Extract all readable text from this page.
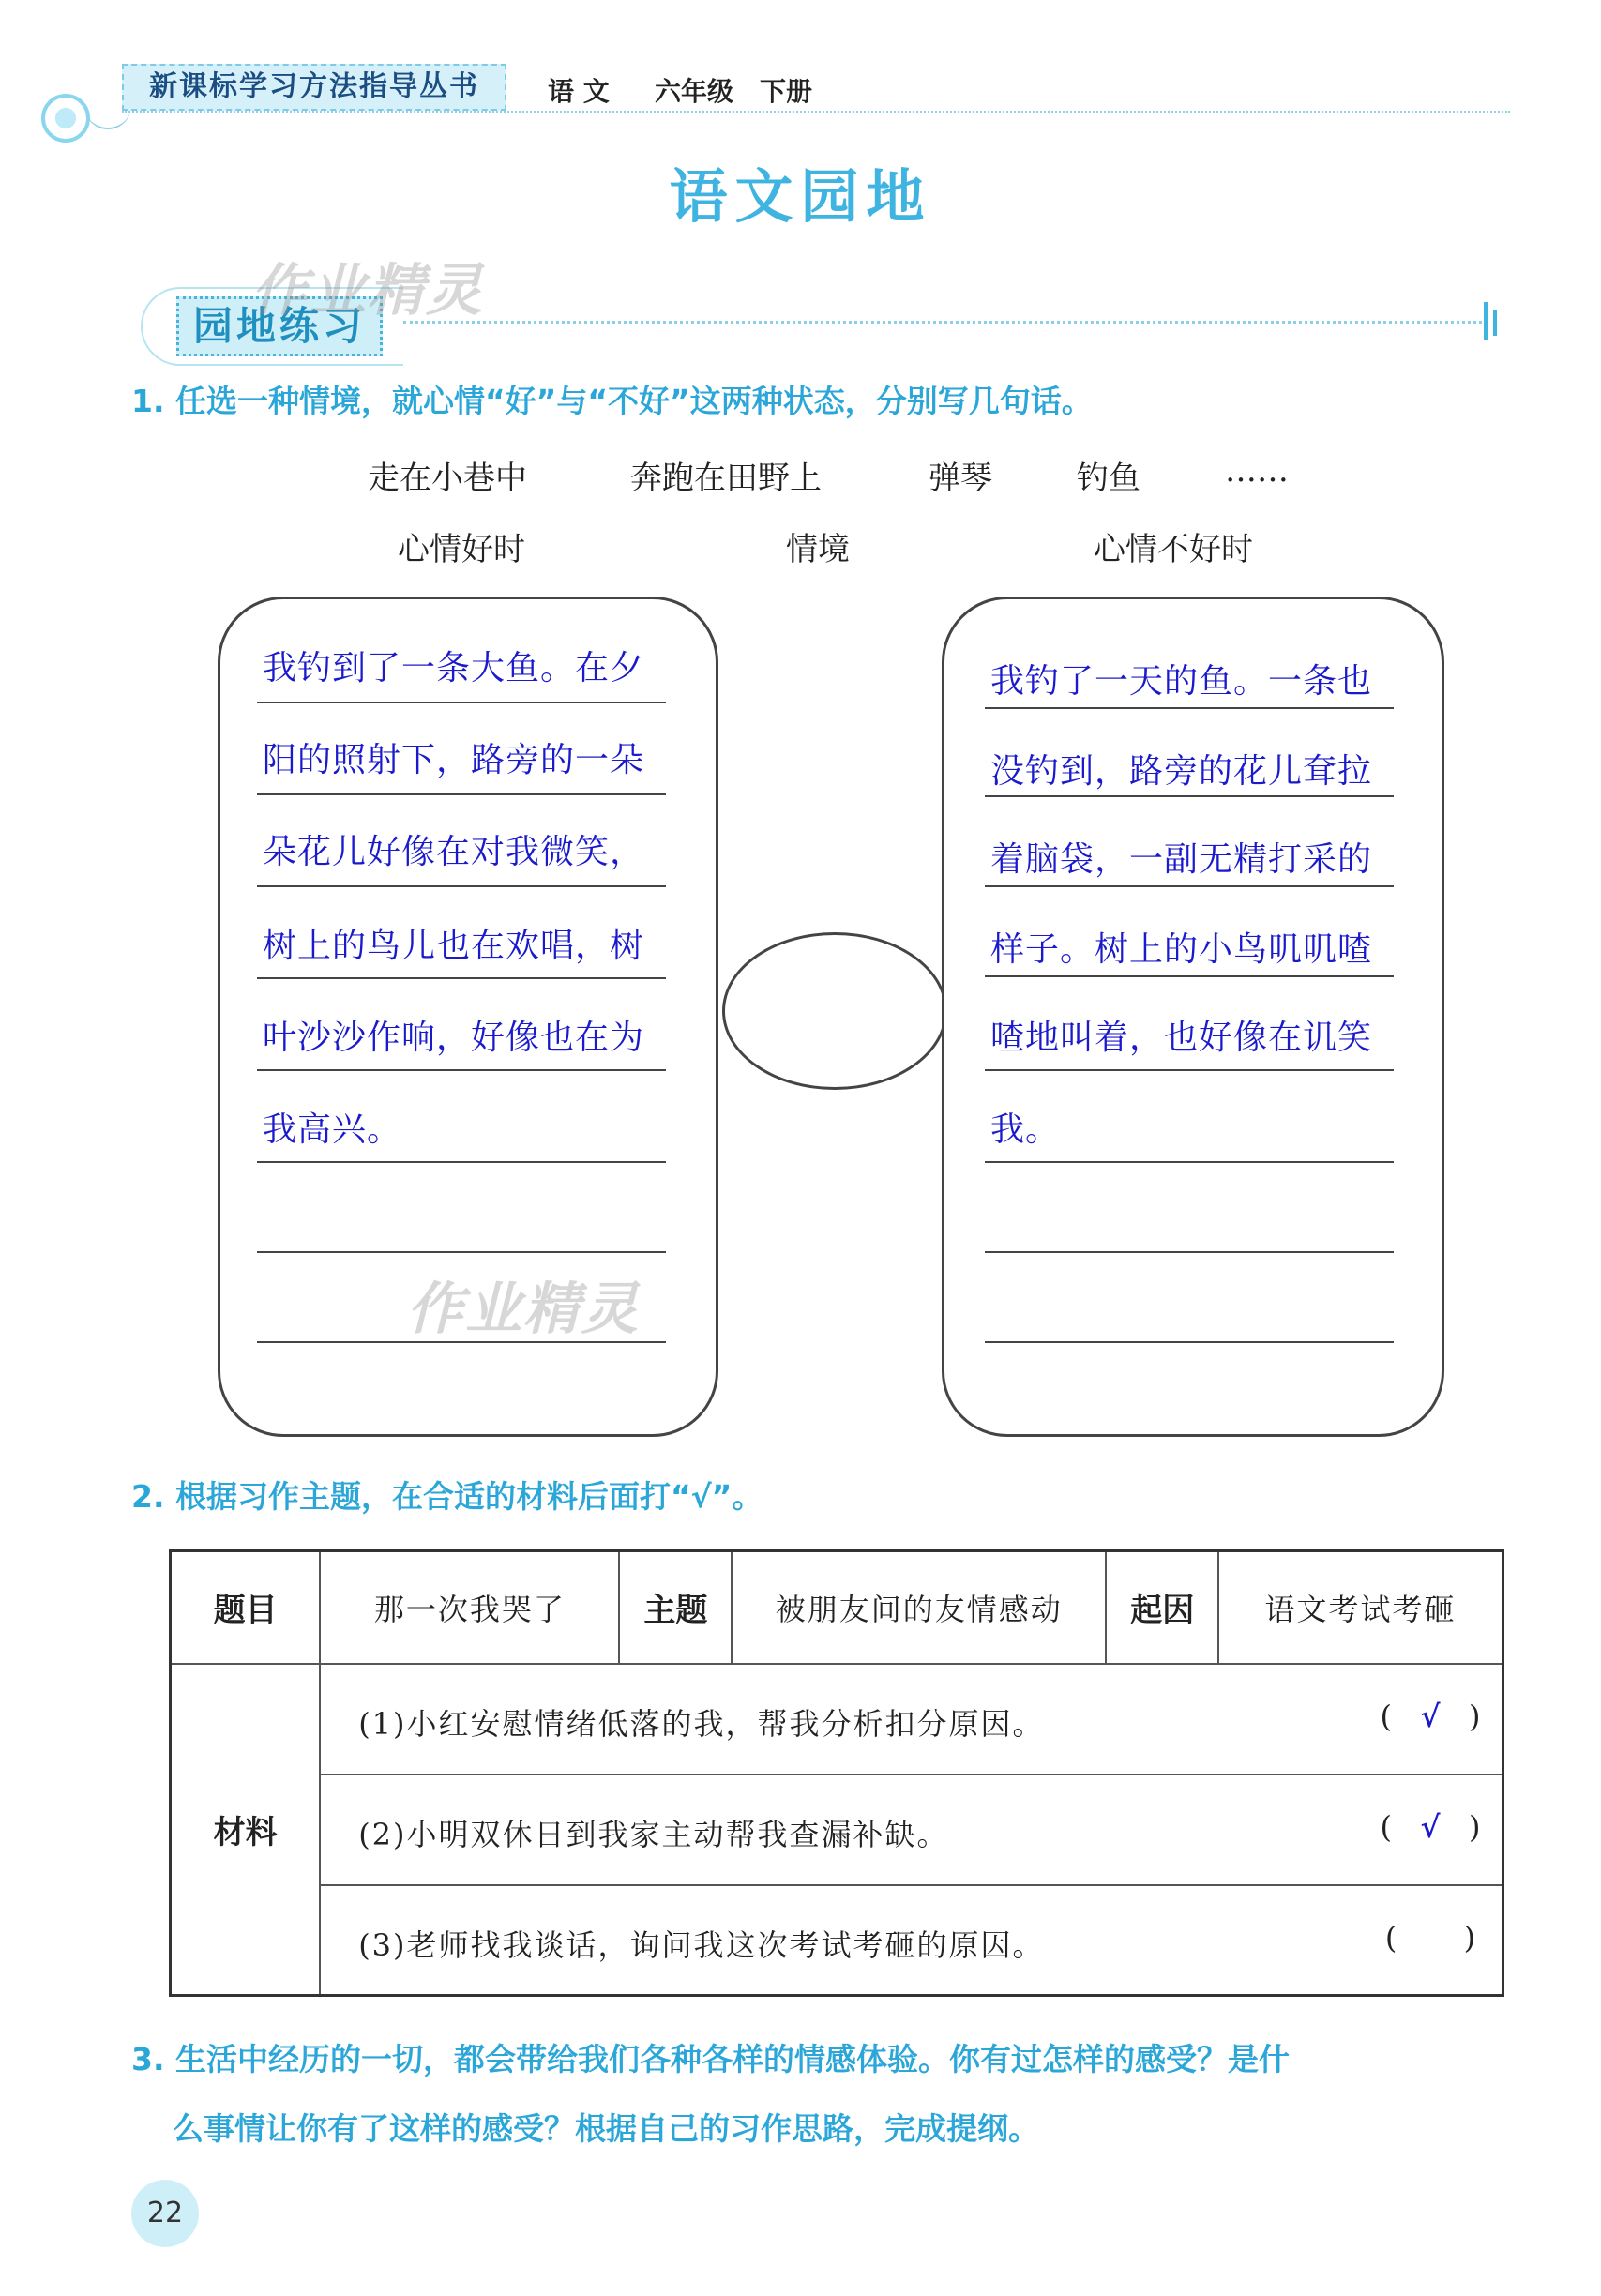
新课标学习方法指导丛书	语 文 六年级 下册
语文园地
园地练习
作业精灵
1. 任选一种情境，就心情“好”与“不好”这两种状态，分别写几句话。
走在小巷中	奔跑在田野上	弹琴	钓鱼	……
心情好时	情境	心情不好时
我钓到了一条大鱼。在夕
阳的照射下，路旁的一朵
朵花儿好像在对我微笑，
树上的鸟儿也在欢唱，树
叶沙沙作响，好像也在为
我高兴。
作业精灵
我钓了一天的鱼。一条也
没钓到，路旁的花儿耷拉
着脑袋，一副无精打采的
样子。树上的小鸟叽叽喳
喳地叫着，也好像在讥笑
我。
2. 根据习作主题，在合适的材料后面打“√”。
题目	那一次我哭了	主题	被朋友间的友情感动	起因	语文考试考砸
材料	(1)小红安慰情绪低落的我，帮我分析扣分原因。 ( √ )				

	(2)小明双休日到我家主动帮我查漏补缺。 ( √ )				

	(3)老师找我谈话，询问我这次考试考砸的原因。 ( )				
3. 生活中经历的一切，都会带给我们各种各样的情感体验。你有过怎样的感受？是什
么事情让你有了这样的感受？根据自己的习作思路，完成提纲。
22
